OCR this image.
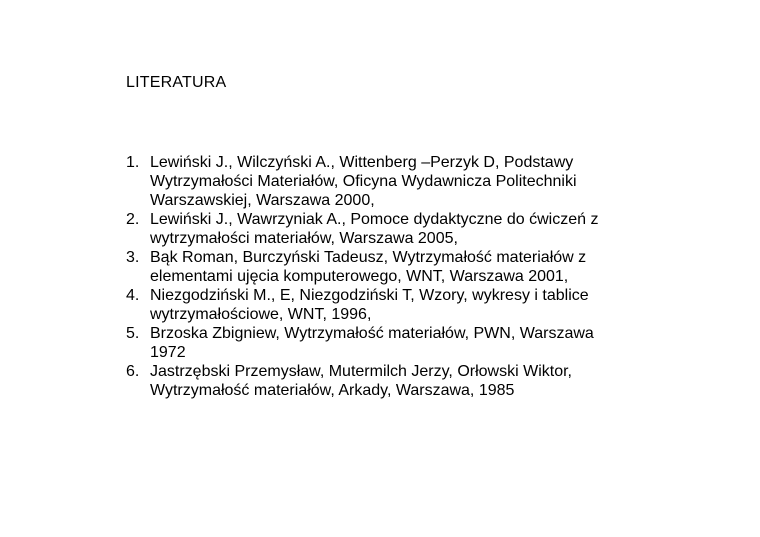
LITERATURA
1. Lewiński J., Wilczyński A., Wittenberg –Perzyk D, Podstawy
Wytrzymałości Materiałów, Oficyna Wydawnicza Politechniki
Warszawskiej, Warszawa 2000,
2. Lewiński J., Wawrzyniak A., Pomoce dydaktyczne do ćwiczeń z
wytrzymałości materiałów, Warszawa 2005,
3. Bąk Roman, Burczyński Tadeusz, Wytrzymałość materiałów z
elementami ujęcia komputerowego, WNT, Warszawa 2001,
4. Niezgodziński M., E, Niezgodziński T, Wzory, wykresy i tablice
wytrzymałościowe, WNT, 1996,
5. Brzoska Zbigniew, Wytrzymałość materiałów, PWN, Warszawa
1972
6. Jastrzębski Przemysław, Mutermilch Jerzy, Orłowski Wiktor,
Wytrzymałość materiałów, Arkady, Warszawa, 1985
